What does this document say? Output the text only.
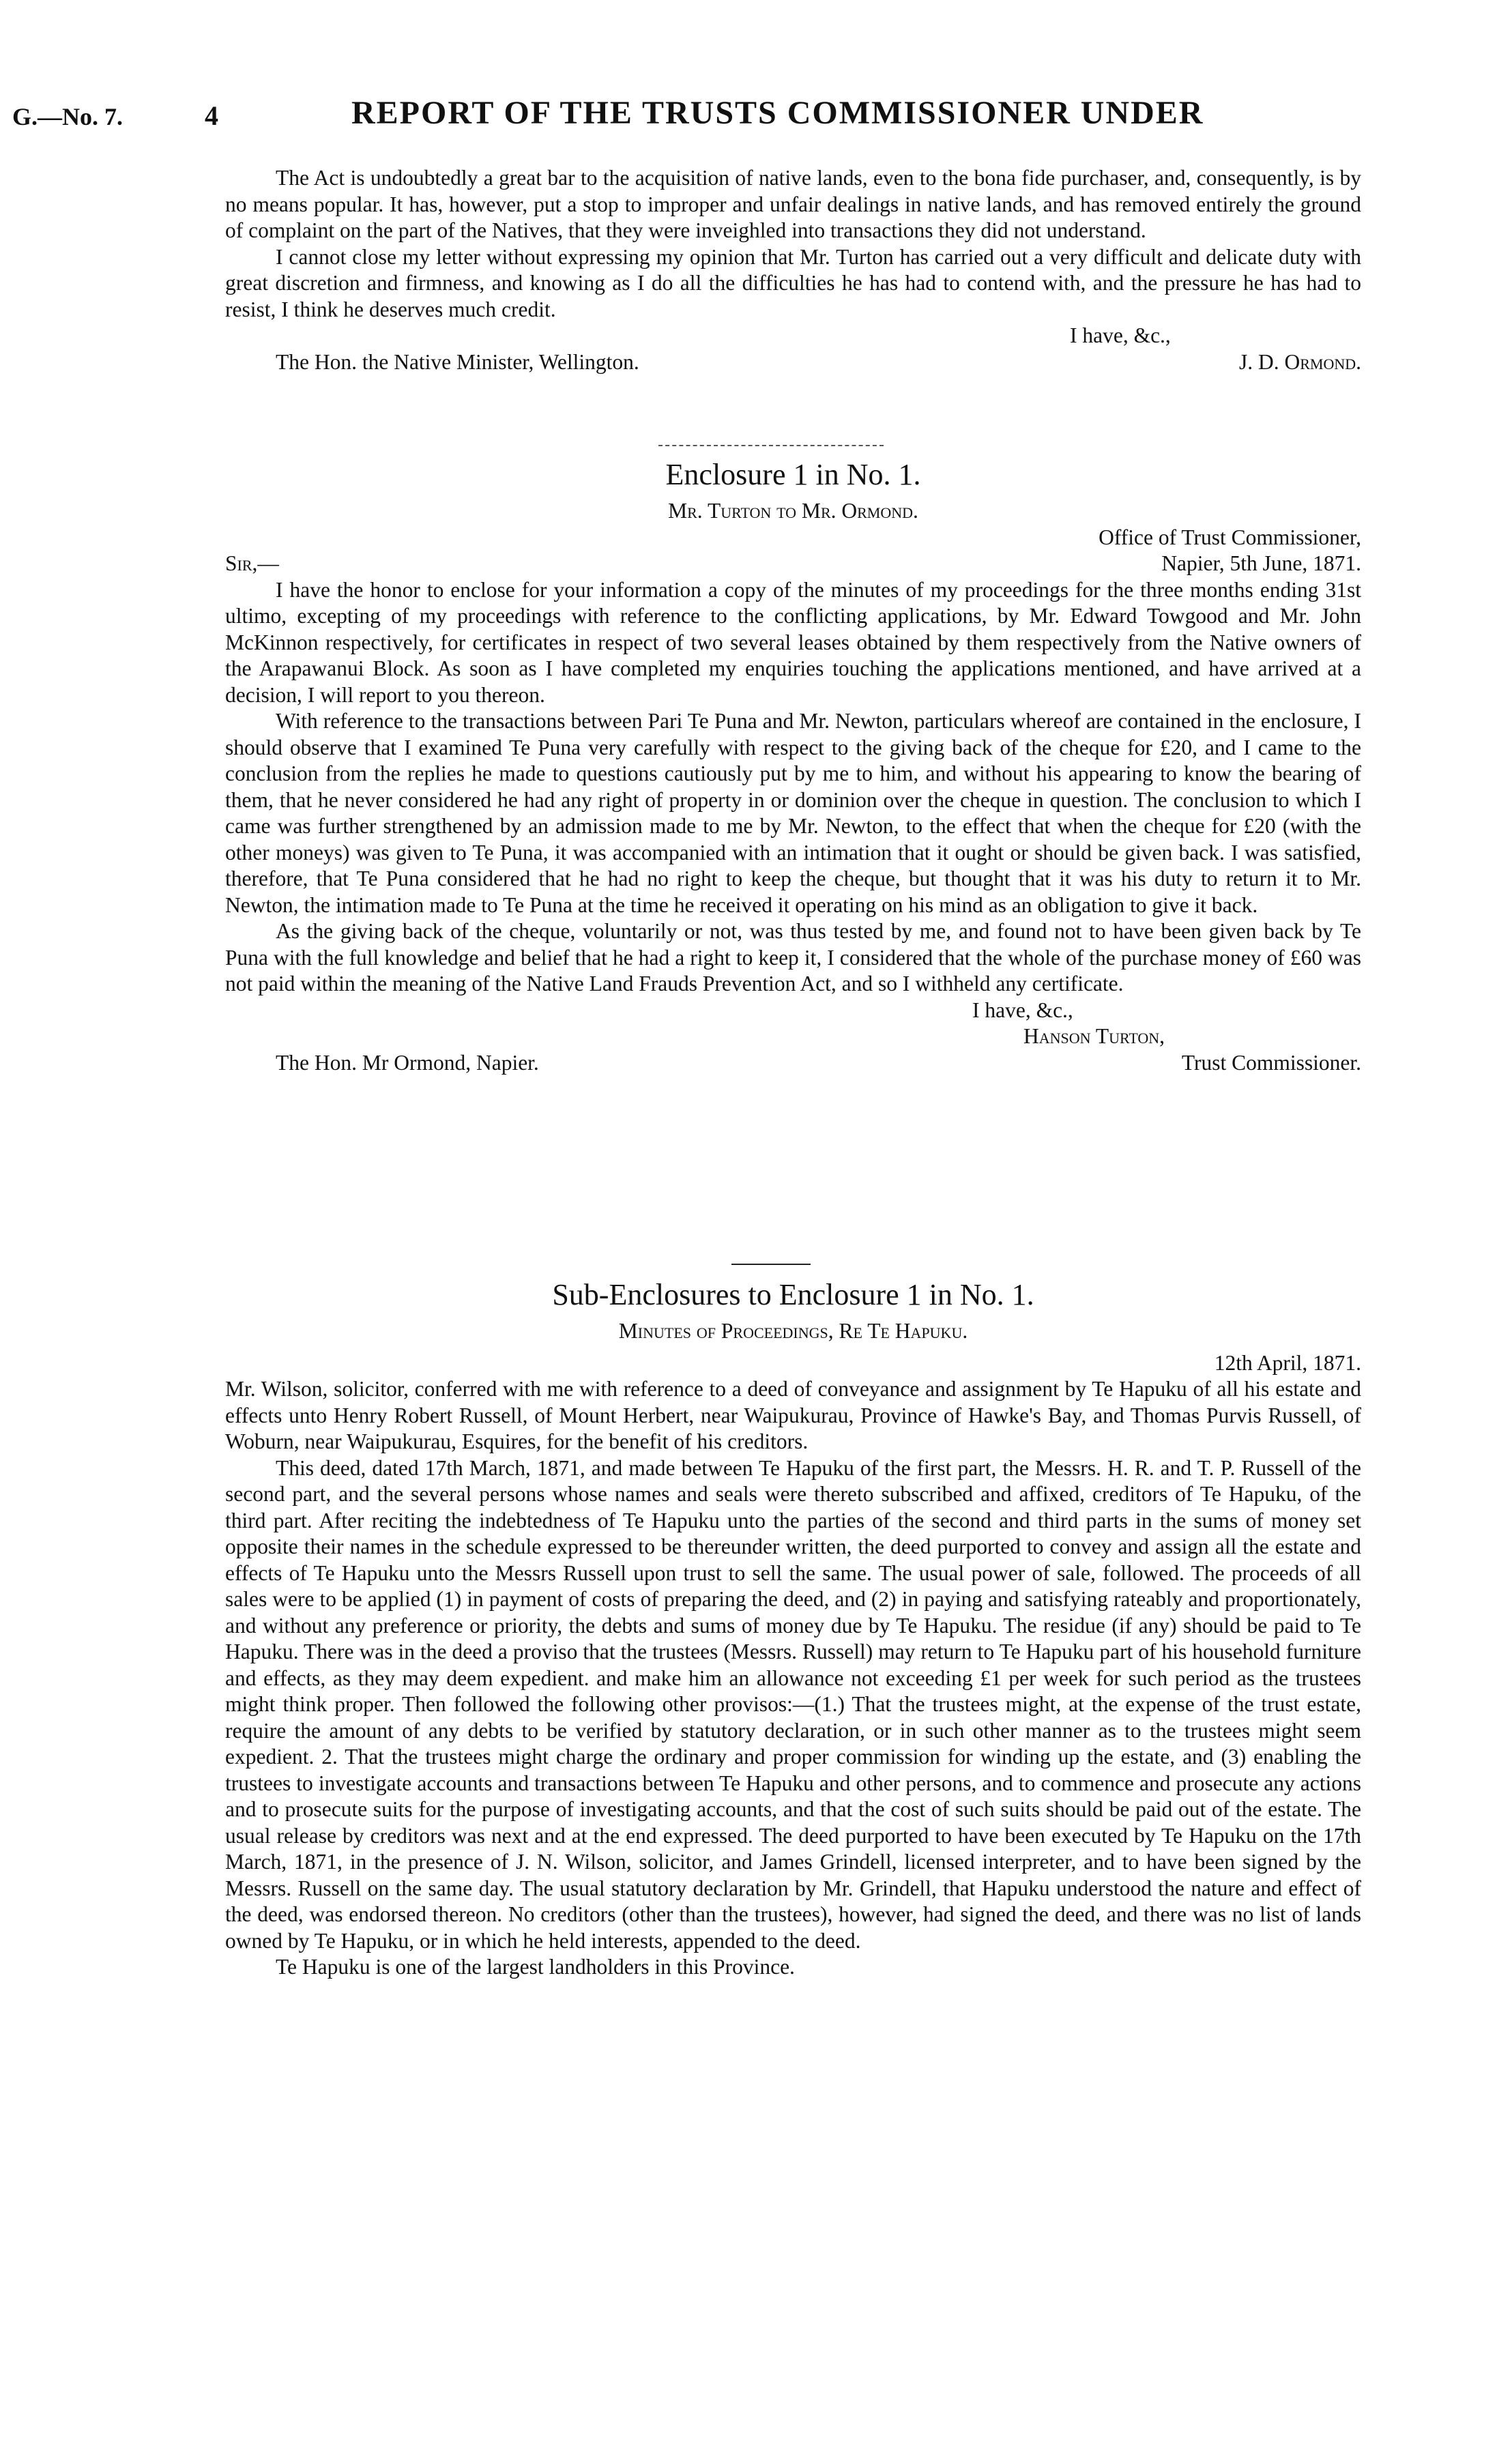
G.—No. 7.	4	REPORT OF THE TRUSTS COMMISSIONER UNDER

The Act is undoubtedly a great bar to the acquisition of native lands, even to the bona fide purchaser, and, consequently, is by no means popular. It has, however, put a stop to improper and unfair dealings in native lands, and has removed entirely the ground of complaint on the part of the Natives, that they were inveighled into transactions they did not understand.

I cannot close my letter without expressing my opinion that Mr. Turton has carried out a very difficult and delicate duty with great discretion and firmness, and knowing as I do all the difficulties he has had to contend with, and the pressure he has had to resist, I think he deserves much credit.

I have, &c.,
The Hon. the Native Minister, Wellington.	J. D. Ormond.
Enclosure 1 in No. 1.
Mr. Turton to Mr. Ormond.
Office of Trust Commissioner,
Sir,—	Napier, 5th June, 1871.

I have the honor to enclose for your information a copy of the minutes of my proceedings for the three months ending 31st ultimo, excepting of my proceedings with reference to the conflicting applications, by Mr. Edward Towgood and Mr. John McKinnon respectively, for certificates in respect of two several leases obtained by them respectively from the Native owners of the Arapawanui Block. As soon as I have completed my enquiries touching the applications mentioned, and have arrived at a decision, I will report to you thereon.

With reference to the transactions between Pari Te Puna and Mr. Newton, particulars whereof are contained in the enclosure, I should observe that I examined Te Puna very carefully with respect to the giving back of the cheque for £20, and I came to the conclusion from the replies he made to questions cautiously put by me to him, and without his appearing to know the bearing of them, that he never considered he had any right of property in or dominion over the cheque in question. The conclusion to which I came was further strengthened by an admission made to me by Mr. Newton, to the effect that when the cheque for £20 (with the other moneys) was given to Te Puna, it was accompanied with an intimation that it ought or should be given back. I was satisfied, therefore, that Te Puna considered that he had no right to keep the cheque, but thought that it was his duty to return it to Mr. Newton, the intimation made to Te Puna at the time he received it operating on his mind as an obligation to give it back.

As the giving back of the cheque, voluntarily or not, was thus tested by me, and found not to have been given back by Te Puna with the full knowledge and belief that he had a right to keep it, I considered that the whole of the purchase money of £60 was not paid within the meaning of the Native Land Frauds Prevention Act, and so I withheld any certificate.

I have, &c.,
Hanson Turton,
The Hon. Mr Ormond, Napier.	Trust Commissioner.
Sub-Enclosures to Enclosure 1 in No. 1.
Minutes of Proceedings, Re Te Hapuku.
12th April, 1871.

Mr. Wilson, solicitor, conferred with me with reference to a deed of conveyance and assignment by Te Hapuku of all his estate and effects unto Henry Robert Russell, of Mount Herbert, near Waipukurau, Province of Hawke's Bay, and Thomas Purvis Russell, of Woburn, near Waipukurau, Esquires, for the benefit of his creditors.

This deed, dated 17th March, 1871, and made between Te Hapuku of the first part, the Messrs. H. R. and T. P. Russell of the second part, and the several persons whose names and seals were thereto subscribed and affixed, creditors of Te Hapuku, of the third part. After reciting the indebtedness of Te Hapuku unto the parties of the second and third parts in the sums of money set opposite their names in the schedule expressed to be thereunder written, the deed purported to convey and assign all the estate and effects of Te Hapuku unto the Messrs Russell upon trust to sell the same. The usual power of sale, followed. The proceeds of all sales were to be applied (1) in payment of costs of preparing the deed, and (2) in paying and satisfying rateably and proportionately, and without any preference or priority, the debts and sums of money due by Te Hapuku. The residue (if any) should be paid to Te Hapuku. There was in the deed a proviso that the trustees (Messrs. Russell) may return to Te Hapuku part of his household furniture and effects, as they may deem expedient. and make him an allowance not exceeding £1 per week for such period as the trustees might think proper. Then followed the following other provisos:—(1.) That the trustees might, at the expense of the trust estate, require the amount of any debts to be verified by statutory declaration, or in such other manner as to the trustees might seem expedient. 2. That the trustees might charge the ordinary and proper commission for winding up the estate, and (3) enabling the trustees to investigate accounts and transactions between Te Hapuku and other persons, and to commence and prosecute any actions and to prosecute suits for the purpose of investigating accounts, and that the cost of such suits should be paid out of the estate. The usual release by creditors was next and at the end expressed. The deed purported to have been executed by Te Hapuku on the 17th March, 1871, in the presence of J. N. Wilson, solicitor, and James Grindell, licensed interpreter, and to have been signed by the Messrs. Russell on the same day. The usual statutory declaration by Mr. Grindell, that Hapuku understood the nature and effect of the deed, was endorsed thereon. No creditors (other than the trustees), however, had signed the deed, and there was no list of lands owned by Te Hapuku, or in which he held interests, appended to the deed.

Te Hapuku is one of the largest landholders in this Province.
